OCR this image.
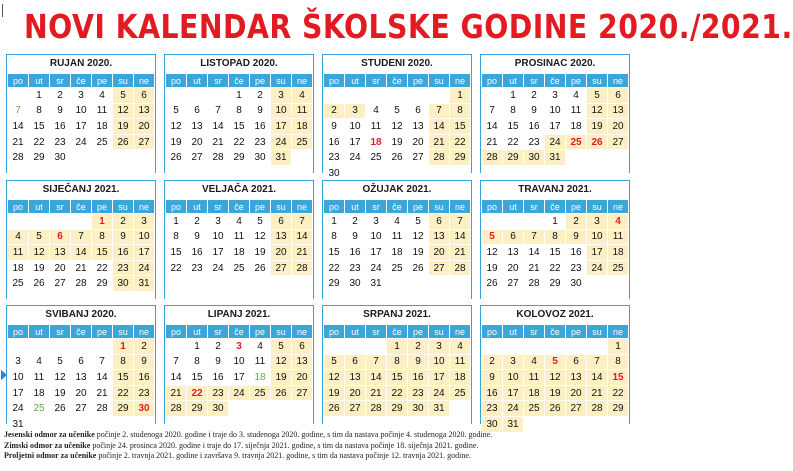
NOVI KALENDAR ŠKOLSKE GODINE 2020./2021.
RUJAN 2020.
po	ut	sr	če	pe	su	ne
	1	2	3	4	5	6
7	8	9	10	11	12	13
14	15	16	17	18	19	20
21	22	23	24	25	26	27
28	29	30				

LISTOPAD 2020.
po	ut	sr	če	pe	su	ne
			1	2	3	4
5	6	7	8	9	10	11
12	13	14	15	16	17	18
19	20	21	22	23	24	25
26	27	28	29	30	31	

STUDENI 2020.
po	ut	sr	če	pe	su	ne
						1
2	3	4	5	6	7	8
9	10	11	12	13	14	15
16	17	18	19	20	21	22
23	24	25	26	27	28	29
30						
PROSINAC 2020.
po	ut	sr	če	pe	su	ne
	1	2	3	4	5	6
7	8	9	10	11	12	13
14	15	16	17	18	19	20
21	22	23	24	25	26	27
28	29	30	31			

SIJEČANJ 2021.
po	ut	sr	če	pe	su	ne
				1	2	3
4	5	6	7	8	9	10
11	12	13	14	15	16	17
18	19	20	21	22	23	24
25	26	27	28	29	30	31

VELJAČA 2021.
po	ut	sr	če	pe	su	ne
1	2	3	4	5	6	7
8	9	10	11	12	13	14
15	16	17	18	19	20	21
22	23	24	25	26	27	28

OŽUJAK 2021.
po	ut	sr	če	pe	su	ne
1	2	3	4	5	6	7
8	9	10	11	12	13	14
15	16	17	18	19	20	21
22	23	24	25	26	27	28
29	30	31				

TRAVANJ 2021.
po	ut	sr	če	pe	su	ne
			1	2	3	4
5	6	7	8	9	10	11
12	13	14	15	16	17	18
19	20	21	22	23	24	25
26	27	28	29	30		

SVIBANJ 2020.
po	ut	sr	če	pe	su	ne
					1	2
3	4	5	6	7	8	9
10	11	12	13	14	15	16
17	18	19	20	21	22	23
24	25	26	27	28	29	30
31						
LIPANJ 2021.
po	ut	sr	če	pe	su	ne
	1	2	3	4	5	6
7	8	9	10	11	12	13
14	15	16	17	18	19	20
21	22	23	24	25	26	27
28	29	30				

SRPANJ 2021.
po	ut	sr	če	pe	su	ne
			1	2	3	4
5	6	7	8	9	10	11
12	13	14	15	16	17	18
19	20	21	22	23	24	25
26	27	28	29	30	31	

KOLOVOZ 2021.
po	ut	sr	če	pe	su	ne
						1
2	3	4	5	6	7	8
9	10	11	12	13	14	15
16	17	18	19	20	21	22
23	24	25	26	27	28	29
30	31					
Jesenski odmor za učenike počinje 2. studenoga 2020. godine i traje do 3. studenoga 2020. godine, s tim da nastava počinje 4. studenoga 2020. godine.
Zimski odmor za učenike počinje 24. prosinca 2020. godine i traje do 17. siječnja 2021. godine, s tim da nastava počinje 18. siječnja 2021. godine.
Proljetni odmor za učenike počinje 2. travnja 2021. godine i završava 9. travnja 2021. godine, s tim da nastava počinje 12. travnja 2021. godine.
